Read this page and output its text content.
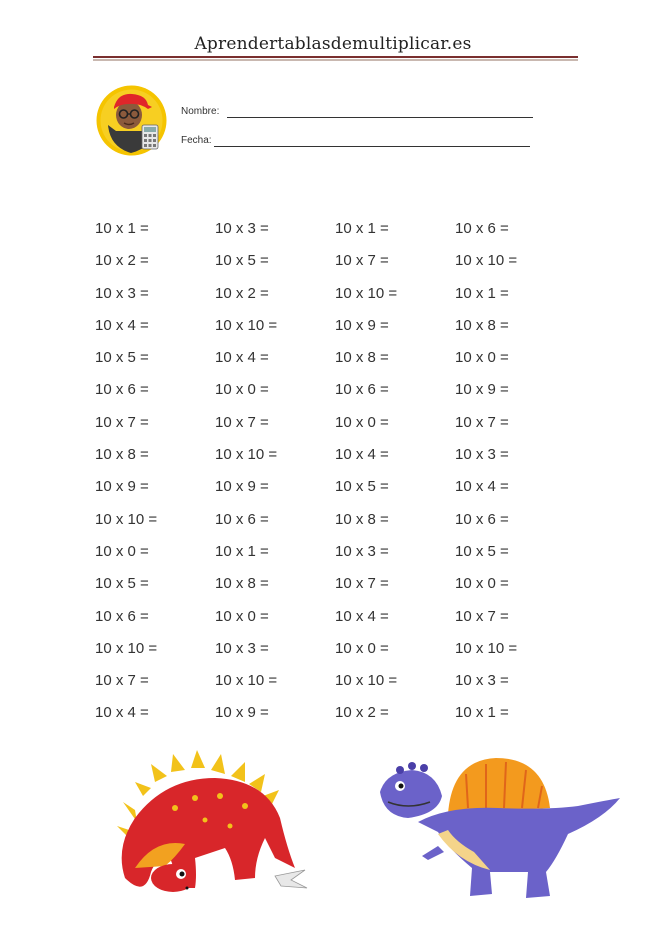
Aprendertablasdemultiplicar.es
Nombre:
Fecha:
10 x 1 =	10 x 3 =	10 x 1 =	10 x 6 =
10 x 2 =	10 x 5 =	10 x 7 =	10 x 10 =
10 x 3 =	10 x 2 =	10 x 10 =	10 x 1 =
10 x 4 =	10 x 10 =	10 x 9 =	10 x 8 =
10 x 5 =	10 x 4 =	10 x 8 =	10 x 0 =
10 x 6 =	10 x 0 =	10 x 6 =	10 x 9 =
10 x 7 =	10 x 7 =	10 x 0 =	10 x 7 =
10 x 8 =	10 x 10 =	10 x 4 =	10 x 3 =
10 x 9 =	10 x 9 =	10 x 5 =	10 x 4 =
10 x 10 =	10 x 6 =	10 x 8 =	10 x 6 =
10 x 0 =	10 x 1 =	10 x 3 =	10 x 5 =
10 x 5 =	10 x 8 =	10 x 7 =	10 x 0 =
10 x 6 =	10 x 0 =	10 x 4 =	10 x 7 =
10 x 10 =	10 x 3 =	10 x 0 =	10 x 10 =
10 x 7 =	10 x 10 =	10 x 10 =	10 x 3 =
10 x 4 =	10 x 9 =	10 x 2 =	10 x 1 =
